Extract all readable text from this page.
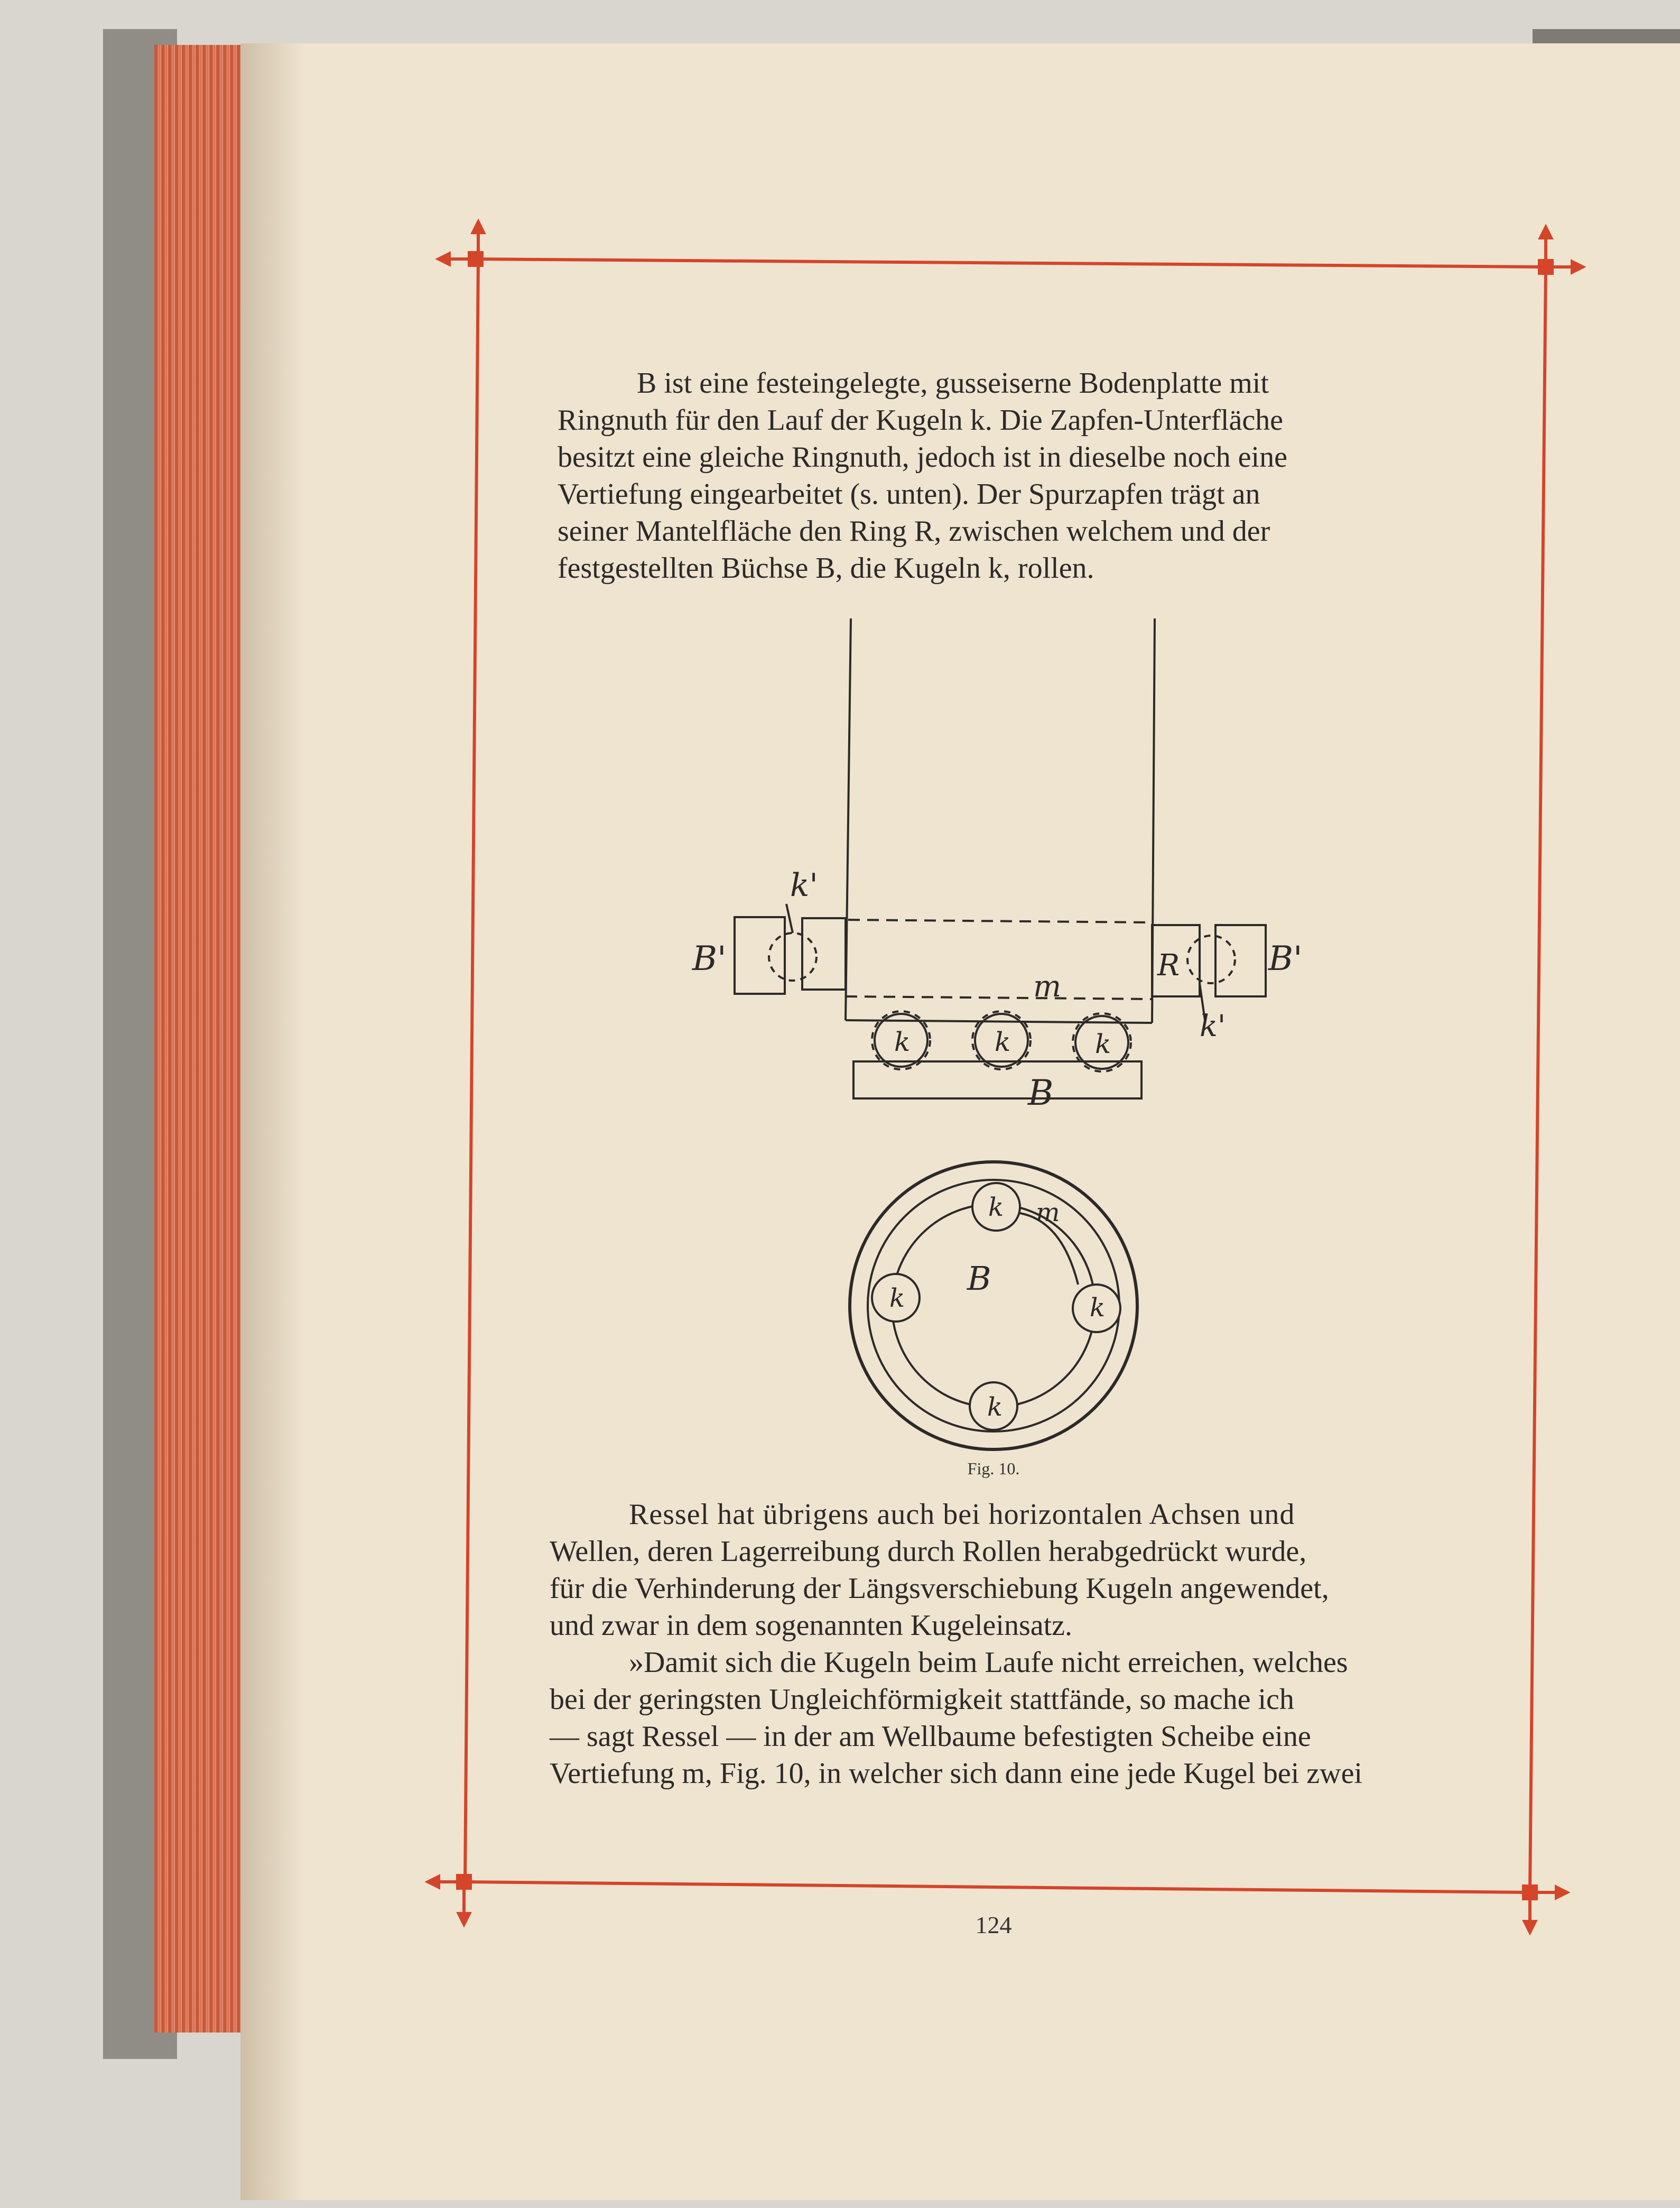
B ist eine festeingelegte, gusseiserne Bodenplatte mit
Ringnuth für den Lauf der Kugeln k. Die Zapfen-Unterfläche
besitzt eine gleiche Ringnuth, jedoch ist in dieselbe noch eine
Vertiefung eingearbeitet (s. unten). Der Spurzapfen trägt an
seiner Mantelfläche den Ring R, zwischen welchem und der
festgestellten Büchse B, die Kugeln k, rollen.
k'
B'	R	B'
k'
m
k	k	k
B
k m
k
k
k
B
Fig. 10.
Ressel hat übrigens auch bei horizontalen Achsen und
Wellen, deren Lagerreibung durch Rollen herabgedrückt wurde,
für die Verhinderung der Längsverschiebung Kugeln angewendet,
und zwar in dem sogenannten Kugeleinsatz.
»Damit sich die Kugeln beim Laufe nicht erreichen, welches
bei der geringsten Ungleichförmigkeit stattfände, so mache ich
— sagt Ressel — in der am Wellbaume befestigten Scheibe eine
Vertiefung m, Fig. 10, in welcher sich dann eine jede Kugel bei zwei
124
